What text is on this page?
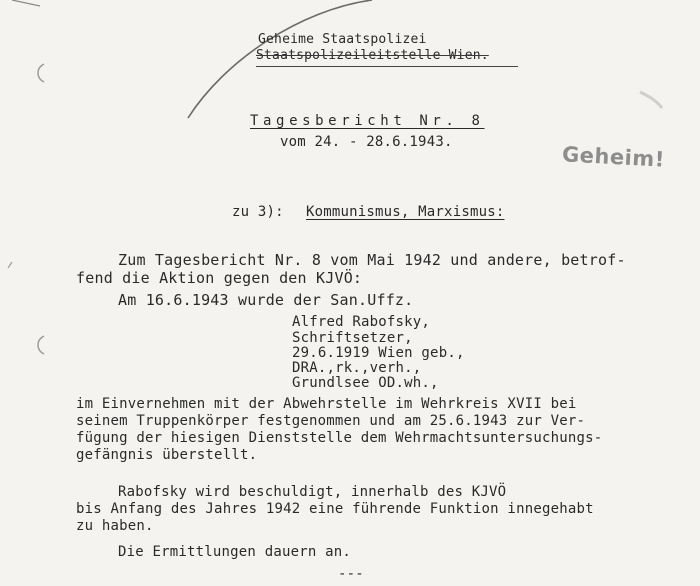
Geheime Staatspolizei
Staatspolizeileitstelle Wien.
Tagesbericht Nr. 8
vom 24. - 28.6.1943.
Geheim!
zu 3): Kommunismus, Marxismus:
Zum Tagesbericht Nr. 8 vom Mai 1942 und andere, betrof-
fend die Aktion gegen den KJVÖ:
Am 16.6.1943 wurde der San.Uffz.
Alfred Rabofsky,
Schriftsetzer,
29.6.1919 Wien geb.,
DRA.,rk.,verh.,
Grundlsee OD.wh.,
im Einvernehmen mit der Abwehrstelle im Wehrkreis XVII bei
seinem Truppenkörper festgenommen und am 25.6.1943 zur Ver-
fügung der hiesigen Dienststelle dem Wehrmachtsuntersuchungs-
gefängnis überstellt.
Rabofsky wird beschuldigt, innerhalb des KJVÖ
bis Anfang des Jahres 1942 eine führende Funktion innegehabt
zu haben.
Die Ermittlungen dauern an.
---
